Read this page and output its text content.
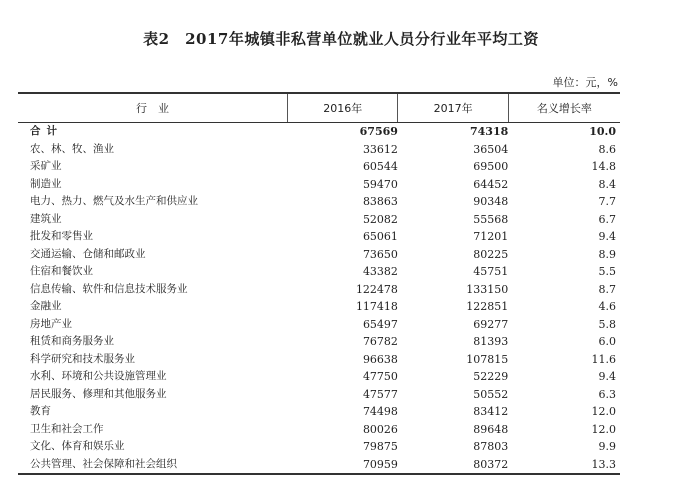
表2　2017年城镇非私营单位就业人员分行业年平均工资
单位：元，%
行　业	2016年	2017年	名义增长率
合计	67569	74318	10.0
农、林、牧、渔业	33612	36504	8.6
采矿业	60544	69500	14.8
制造业	59470	64452	8.4
电力、热力、燃气及水生产和供应业	83863	90348	7.7
建筑业	52082	55568	6.7
批发和零售业	65061	71201	9.4
交通运输、仓储和邮政业	73650	80225	8.9
住宿和餐饮业	43382	45751	5.5
信息传输、软件和信息技术服务业	122478	133150	8.7
金融业	117418	122851	4.6
房地产业	65497	69277	5.8
租赁和商务服务业	76782	81393	6.0
科学研究和技术服务业	96638	107815	11.6
水利、环境和公共设施管理业	47750	52229	9.4
居民服务、修理和其他服务业	47577	50552	6.3
教育	74498	83412	12.0
卫生和社会工作	80026	89648	12.0
文化、体育和娱乐业	79875	87803	9.9
公共管理、社会保障和社会组织	70959	80372	13.3
